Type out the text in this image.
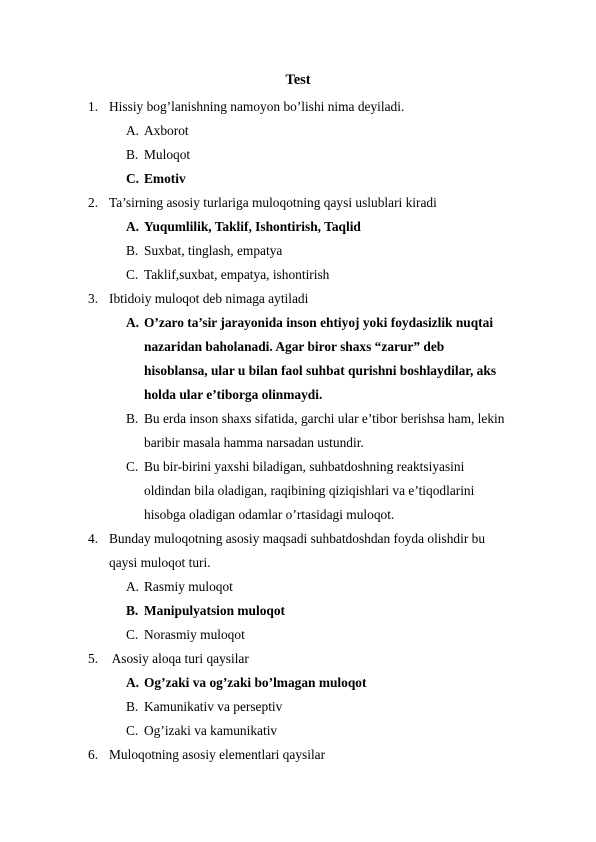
Test
1. Hissiy bog’lanishning namoyon bo’lishi nima deyiladi.
A. Axborot
B. Muloqot
C. Emotiv
2. Ta’sirning asosiy turlariga muloqotning qaysi uslublari kiradi
A. Yuqumlilik, Taklif, Ishontirish, Taqlid
B. Suxbat, tinglash, empatya
C. Taklif,suxbat, empatya, ishontirish
3. Ibtidoiy muloqot deb nimaga aytiladi
A. O’zaro ta’sir jarayonida inson ehtiyoj yoki foydasizlik nuqtai
nazaridan baholanadi. Agar biror shaxs “zarur” deb
hisoblansa, ular u bilan faol suhbat qurishni boshlaydilar, aks
holda ular e’tiborga olinmaydi.
B. Bu erda inson shaxs sifatida, garchi ular e’tibor berishsa ham, lekin
baribir masala hamma narsadan ustundir.
C. Bu bir-birini yaxshi biladigan, suhbatdoshning reaktsiyasini
oldindan bila oladigan, raqibining qiziqishlari va e’tiqodlarini
hisobga oladigan odamlar o’rtasidagi muloqot.
4. Bunday muloqotning asosiy maqsadi suhbatdoshdan foyda olishdir bu
qaysi muloqot turi.
A. Rasmiy muloqot
B. Manipulyatsion muloqot
C. Norasmiy muloqot
5. Asosiy aloqa turi qaysilar
A. Og’zaki va og’zaki bo’lmagan muloqot
B. Kamunikativ va perseptiv
C. Og’izaki va kamunikativ
6. Muloqotning asosiy elementlari qaysilar
